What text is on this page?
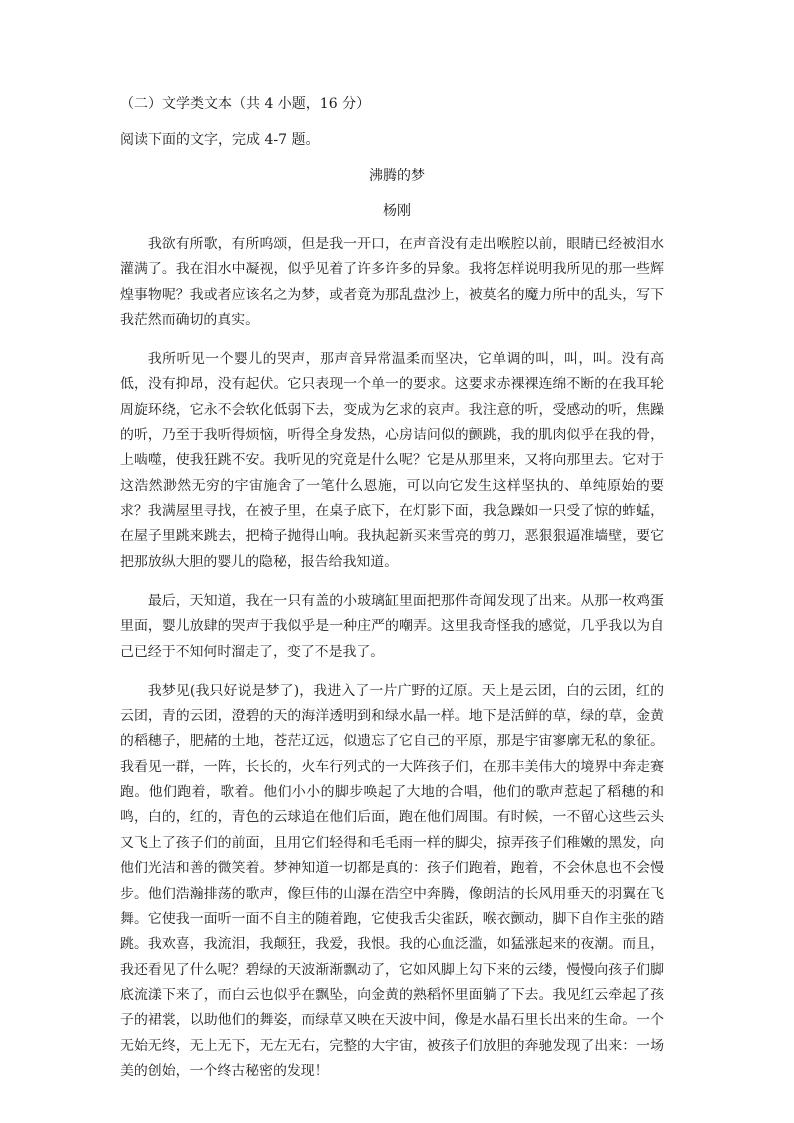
（二）文学类文本（共 4 小题，16 分）
阅读下面的文字，完成 4-7 题。
沸腾的梦
杨刚

我欲有所歌，有所呜颂，但是我一开口，在声音没有走出喉腔以前，眼睛已经被泪水灌满了。我在泪水中凝视，似乎见着了许多许多的异象。我将怎样说明我所见的那一些辉煌事物呢？我或者应该名之为梦，或者竟为那乱盘沙上，被莫名的魔力所中的乱头，写下我茫然而确切的真实。

我所听见一个婴儿的哭声，那声音异常温柔而坚决，它单调的叫，叫，叫。没有高低，没有抑昂，没有起伏。它只表现一个单一的要求。这要求赤裸裸连绵不断的在我耳轮周旋环绕，它永不会软化低弱下去，变成为乞求的哀声。我注意的听，受感动的听，焦躁的听，乃至于我听得烦恼，听得全身发热，心房诘问似的颤跳，我的肌肉似乎在我的骨，上啮噬，使我狂跳不安。我听见的究竟是什么呢？它是从那里来，又将向那里去。它对于这浩然渺然无穷的宇宙施舍了一笔什么恩施，可以向它发生这样坚执的、单纯原始的要求？我满屋里寻找，在被子里，在桌子底下，在灯影下面，我急躁如一只受了惊的蚱蜢，在屋子里跳来跳去，把椅子抛得山响。我执起新买来雪亮的剪刀，恶狠狠逼准墙壁，要它把那放纵大胆的婴儿的隐秘，报告给我知道。

最后，天知道，我在一只有盖的小玻璃缸里面把那件奇闻发现了出来。从那一枚鸡蛋里面，婴儿放肆的哭声于我似乎是一种庄严的嘲弄。这里我奇怪我的感觉，几乎我以为自己已经于不知何时溜走了，变了不是我了。

我梦见(我只好说是梦了)，我进入了一片广野的辽原。天上是云团，白的云团，红的云团，青的云团，澄碧的天的海洋透明到和绿水晶一样。地下是活鲜的草，绿的草，金黄的稻穗子，肥赭的土地，苍茫辽远，似遗忘了它自己的平原，那是宇宙寥廓无私的象征。我看见一群，一阵，长长的，火车行列式的一大阵孩子们，在那丰美伟大的境界中奔走赛跑。他们跑着，歌着。他们小小的脚步唤起了大地的合唱，他们的歌声惹起了稻穗的和鸣，白的，红的，青色的云球追在他们后面，跑在他们周围。有时候，一不留心这些云头又飞上了孩子们的前面，且用它们轻得和毛毛雨一样的脚尖，掠弄孩子们稚嫩的黑发，向他们光洁和善的微笑着。梦神知道一切都是真的：孩子们跑着，跑着，不会休息也不会慢步。他们浩瀚排荡的歌声，像巨伟的山瀑在浩空中奔腾，像朗洁的长风用垂天的羽翼在飞舞。它使我一面听一面不自主的随着跑，它使我舌尖雀跃，喉衣颤动，脚下自作主张的踏跳。我欢喜，我流泪，我颠狂，我爱，我恨。我的心血泛滥，如猛涨起来的夜潮。而且，我还看见了什么呢？碧绿的天波渐渐飘动了，它如风脚上勾下来的云缕，慢慢向孩子们脚底流漾下来了，而白云也似乎在飘坠，向金黄的熟稻怀里面躺了下去。我见红云牵起了孩子的裙裳，以助他们的舞姿，而绿草又映在天波中间，像是水晶石里长出来的生命。一个无始无终，无上无下，无左无右，完整的大宇宙，被孩子们放胆的奔驰发现了出来：一场美的创始，一个终古秘密的发现！
